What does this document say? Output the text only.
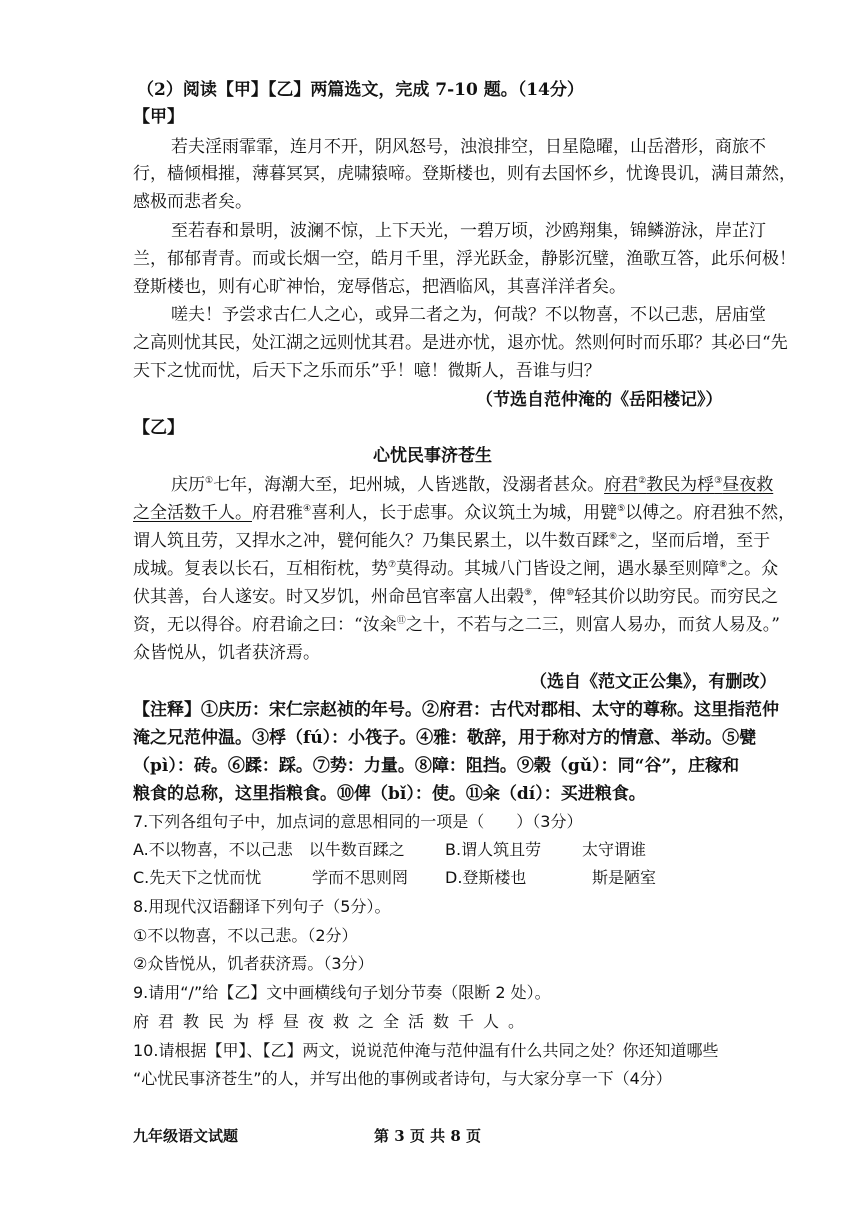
（2）阅读【甲】【乙】两篇选文，完成 7-10 题。（14分）
【甲】
若夫淫雨霏霏，连月不开，阴风怒号，浊浪排空，日星隐曜，山岳潜形，商旅不
行，樯倾楫摧，薄暮冥冥，虎啸猿啼。登斯楼也，则有去国怀乡，忧谗畏讥，满目萧然，
感极而悲者矣。
至若春和景明，波澜不惊，上下天光，一碧万顷，沙鸥翔集，锦鳞游泳，岸芷汀
兰，郁郁青青。而或长烟一空，皓月千里，浮光跃金，静影沉璧，渔歌互答，此乐何极！
登斯楼也，则有心旷神怡，宠辱偕忘，把酒临风，其喜洋洋者矣。
嗟夫！予尝求古仁人之心，或异二者之为，何哉？不以物喜，不以己悲，居庙堂
之高则忧其民，处江湖之远则忧其君。是进亦忧，退亦忧。然则何时而乐耶？其必曰“先
天下之忧而忧，后天下之乐而乐”乎！噫！微斯人，吾谁与归？
（节选自范仲淹的《岳阳楼记》）
【乙】
心忧民事济苍生
庆历①七年，海潮大至，圯州城，人皆逃散，没溺者甚众。府君②教民为桴③昼夜救
之全活数千人。府君雅④喜利人，长于虑事。众议筑土为城，用甓⑤以傅之。府君独不然，
谓人筑且劳，又捍水之冲，甓何能久？乃集民累土，以牛数百蹂⑥之，坚而后增，至于
成城。复表以长石，互相衔枕，势⑦莫得动。其城八门皆设之闸，遇水暴至则障⑧之。众
伏其善，台人遂安。时又岁饥，州命邑官率富人出榖⑨，俾⑩轻其价以助穷民。而穷民之
资，无以得谷。府君谕之曰：“汝籴⑪之十，不若与之二三，则富人易办，而贫人易及。”
众皆悦从，饥者获济焉。
（选自《范文正公集》，有删改）
【注释】①庆历：宋仁宗赵祯的年号。②府君：古代对郡相、太守的尊称。这里指范仲
淹之兄范仲温。③桴（fú）：小筏子。④雅：敬辞，用于称对方的情意、举动。⑤甓
（pì）：砖。⑥蹂：踩。⑦势：力量。⑧障：阻挡。⑨榖（gǔ）：同“谷”，庄稼和
粮食的总称，这里指粮食。⑩俾（bǐ）：使。⑪籴（dí）：买进粮食。
7.下列各组句子中，加点词的意思相同的一项是（　　）（3分）
A.不以物喜，不以己悲　以牛数百蹂之	B.谓人筑且劳	太守谓谁
C.先天下之忧而忧	学而不思则罔 D.登斯楼也	斯是陋室
8.用现代汉语翻译下列句子（5分）。
①不以物喜，不以己悲。（2分）
②众皆悦从，饥者获济焉。（3分）
9.请用“/”给【乙】文中画横线句子划分节奏（限断 2 处）。
府君教民为桴昼夜救之全活数千人。
10.请根据【甲】、【乙】两文，说说范仲淹与范仲温有什么共同之处？你还知道哪些
“心忧民事济苍生”的人，并写出他的事例或者诗句，与大家分享一下（4分）
九年级语文试题	第 3 页 共 8 页
